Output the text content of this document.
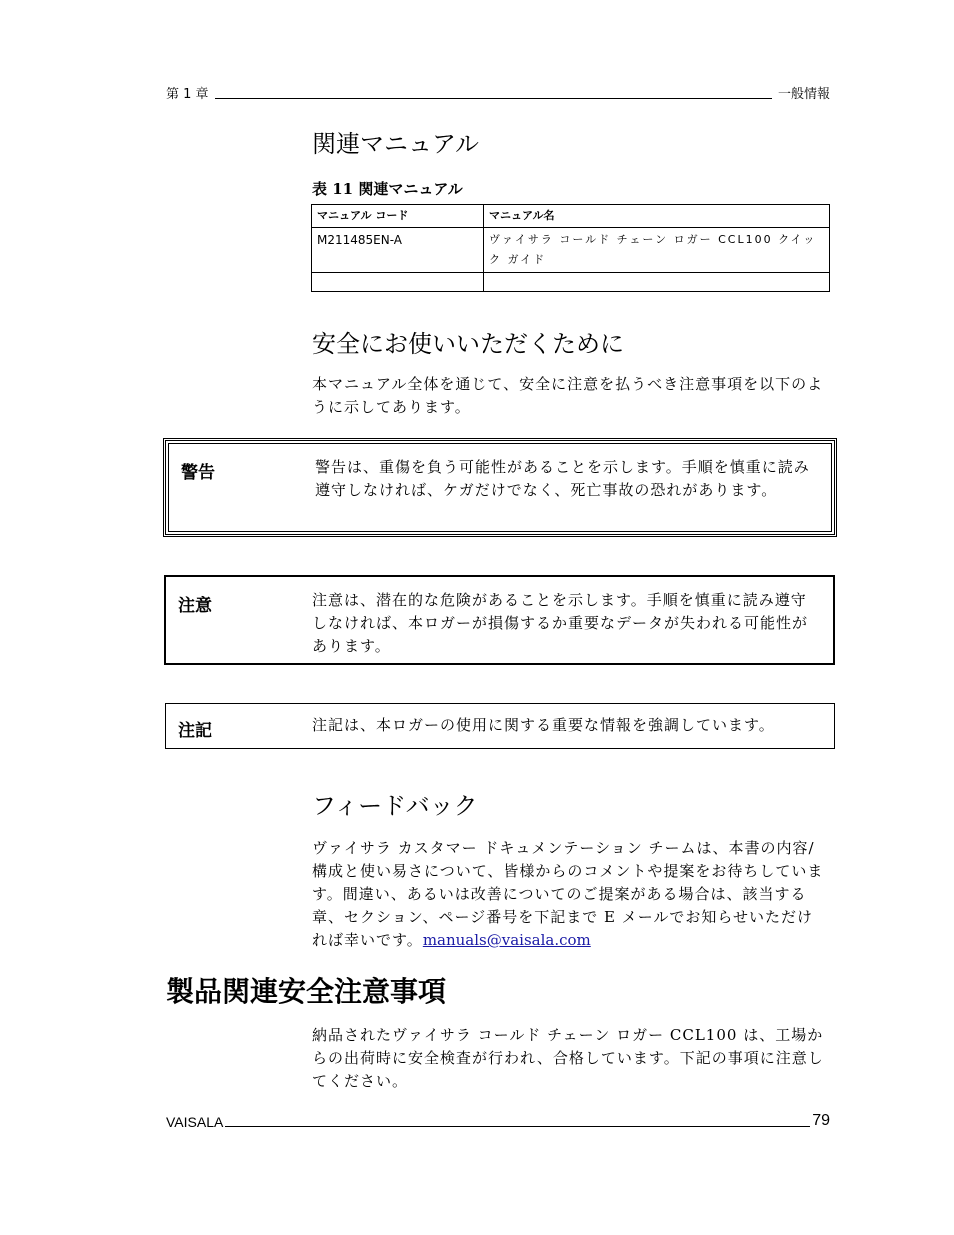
第 1 章	一般情報
関連マニュアル
表 11 関連マニュアル
マニュアル コード	マニュアル名
M211485EN-A	ヴァイサラ コールド チェーン ロガー CCL100 クイック ガイド

安全にお使いいただくために
本マニュアル全体を通じて、安全に注意を払うべき注意事項を以下のように示してあります。
警告	警告は、重傷を負う可能性があることを示します。手順を慎重に読み遵守しなければ、ケガだけでなく、死亡事故の恐れがあります。
注意	注意は、潜在的な危険があることを示します。手順を慎重に読み遵守しなければ、本ロガーが損傷するか重要なデータが失われる可能性があります。
注記	注記は、本ロガーの使用に関する重要な情報を強調しています。
フィードバック
ヴァイサラ カスタマー ドキュメンテーション チームは、本書の内容/構成と使い易さについて、皆様からのコメントや提案をお待ちしています。間違い、あるいは改善についてのご提案がある場合は、該当する章、セクション、ページ番号を下記まで E メールでお知らせいただければ幸いです。manuals@vaisala.com
製品関連安全注意事項
納品されたヴァイサラ コールド チェーン ロガー CCL100 は、工場からの出荷時に安全検査が行われ、合格しています。下記の事項に注意してください。
VAISALA	79
